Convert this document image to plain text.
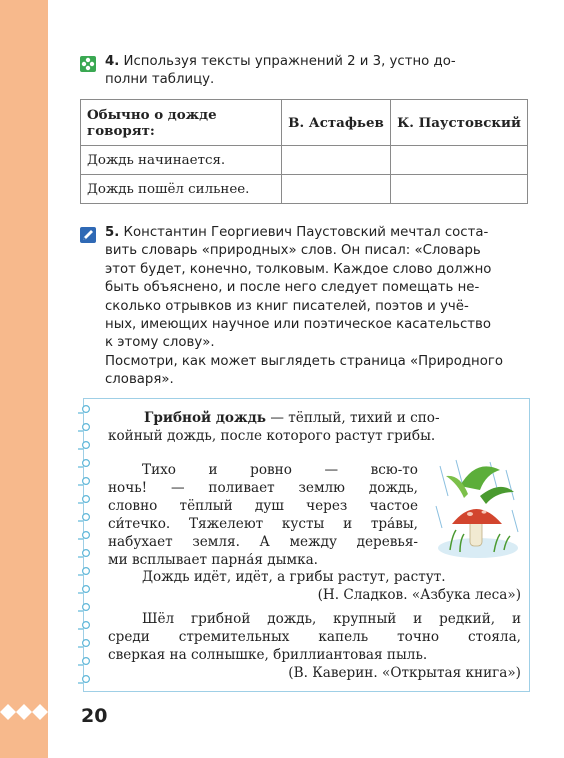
4. Используя тексты упражнений 2 и 3, устно до-
полни таблицу.
Обычно о дожде
говорят:	В. Астафьев	К. Паустовский
Дождь начинается.		
Дождь пошёл сильнее.		
5. Константин Георгиевич Паустовский мечтал соста-
вить словарь «природных» слов. Он писал: «Словарь
этот будет, конечно, толковым. Каждое слово должно
быть объяснено, и после него следует помещать не-
сколько отрывков из книг писателей, поэтов и учё-
ных, имеющих научное или поэтическое касательство
к этому слову».
Посмотри, как может выглядеть страница «Природного
словаря».
Грибной дождь — тёплый, тихий и спо-
койный дождь, после которого растут грибы.
Тихо и ровно — всю-то
ночь! — поливает землю дождь,
словно тёплый душ через частое
си́течко. Тяжелеют кусты и тра́вы,
набухает земля. А между деревья-
ми всплывает парна́я дымка.
Дождь идёт, идёт, а грибы растут, растут.
(Н. Сладков. «Азбука леса»)
Шёл грибной дождь, крупный и редкий, и
среди стремительных капель точно стояла,
сверкая на солнышке, бриллиантовая пыль.
(В. Каверин. «Открытая книга»)
20
